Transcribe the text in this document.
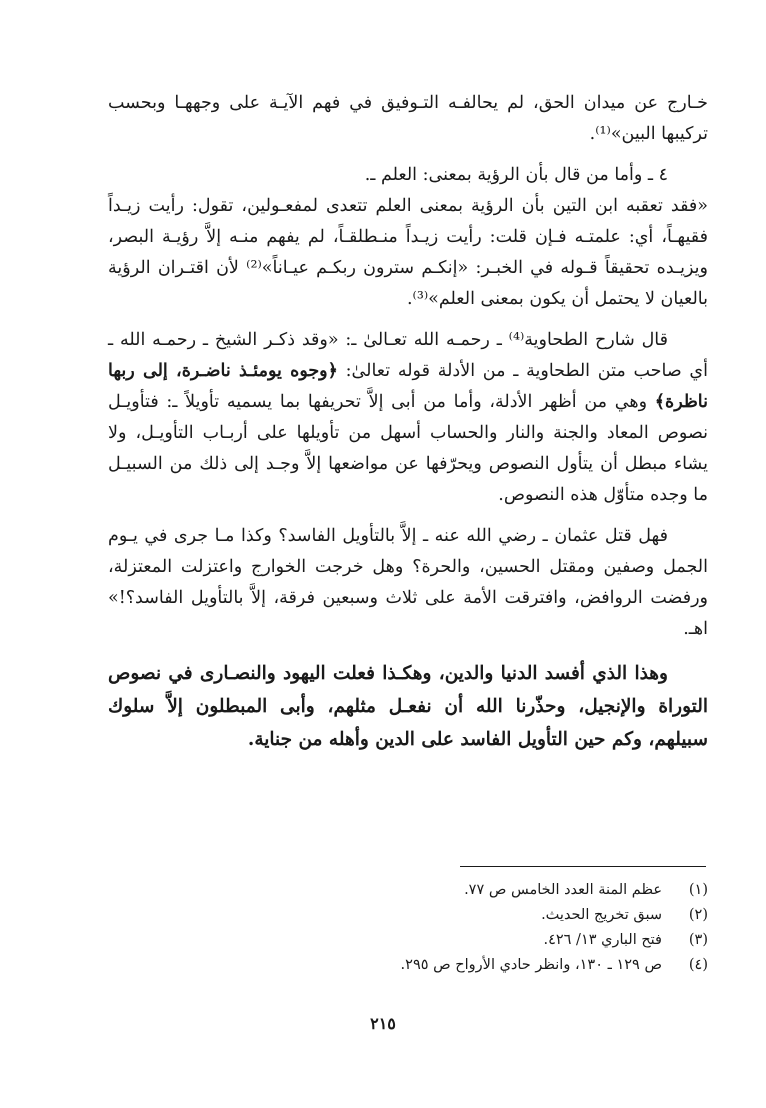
خـارج عن ميدان الحق، لم يحالفـه التـوفيق في فهم الآيـة على وجههـا وبحسب تركيبها البين»⁽¹⁾.

٤ ـ وأما من قال بأن الرؤية بمعنى: العلم ـ.

«فقد تعقبه ابن التين بأن الرؤية بمعنى العلم تتعدى لمفعـولين، تقول: رأيت زيـداً فقيهـاً، أي: علمتـه فـإن قلت: رأيت زيـداً منـطلقـاً، لم يفهم منـه إلاَّ رؤيـة البصر، ويزيـده تحقيقاً قـوله في الخبـر: «إنكـم سترون ربكـم عيـاناً»⁽²⁾ لأن اقتـران الرؤية بالعيان لا يحتمل أن يكون بمعنى العلم»⁽³⁾.

قال شارح الطحاوية⁽⁴⁾ ـ رحمـه الله تعـالىٰ ـ: «وقد ذكـر الشيخ ـ رحمـه الله ـ أي صاحب متن الطحاوية ـ من الأدلة قوله تعالىٰ: ﴿وجوه يومئـذ ناضـرة، إلى ربها ناظرة﴾ وهي من أظهر الأدلة، وأما من أبى إلاَّ تحريفها بما يسميه تأويلاً ـ: فتأويـل نصوص المعاد والجنة والنار والحساب أسهل من تأويلها على أربـاب التأويـل، ولا يشاء مبطل أن يتأول النصوص ويحرّفها عن مواضعها إلاَّ وجـد إلى ذلك من السبيـل ما وجده متأوّل هذه النصوص.

فهل قتل عثمان ـ رضي الله عنه ـ إلاَّ بالتأويل الفاسد؟ وكذا مـا جرى في يـوم الجمل وصفين ومقتل الحسين، والحرة؟ وهل خرجت الخوارج واعتزلت المعتزلة، ورفضت الروافض، وافترقت الأمة على ثلاث وسبعين فرقة، إلاَّ بالتأويل الفاسد؟!» اهـ.

وهذا الذي أفسد الدنيا والدين، وهكـذا فعلت اليهود والنصـارى في نصوص التوراة والإنجيل، وحذّرنا الله أن نفعـل مثلهم، وأبى المبطلون إلاَّ سلوك سبيلهم، وكم حين التأويل الفاسد على الدين وأهله من جناية.

(١)
عظم المنة العدد الخامس ص ٧٧.
(٢)
سبق تخريج الحديث.
(٣)
فتح الباري ١٣/ ٤٢٦.
(٤)
ص ١٢٩ ـ ١٣٠، وانظر حادي الأرواح ص ٢٩٥.
٢١٥
